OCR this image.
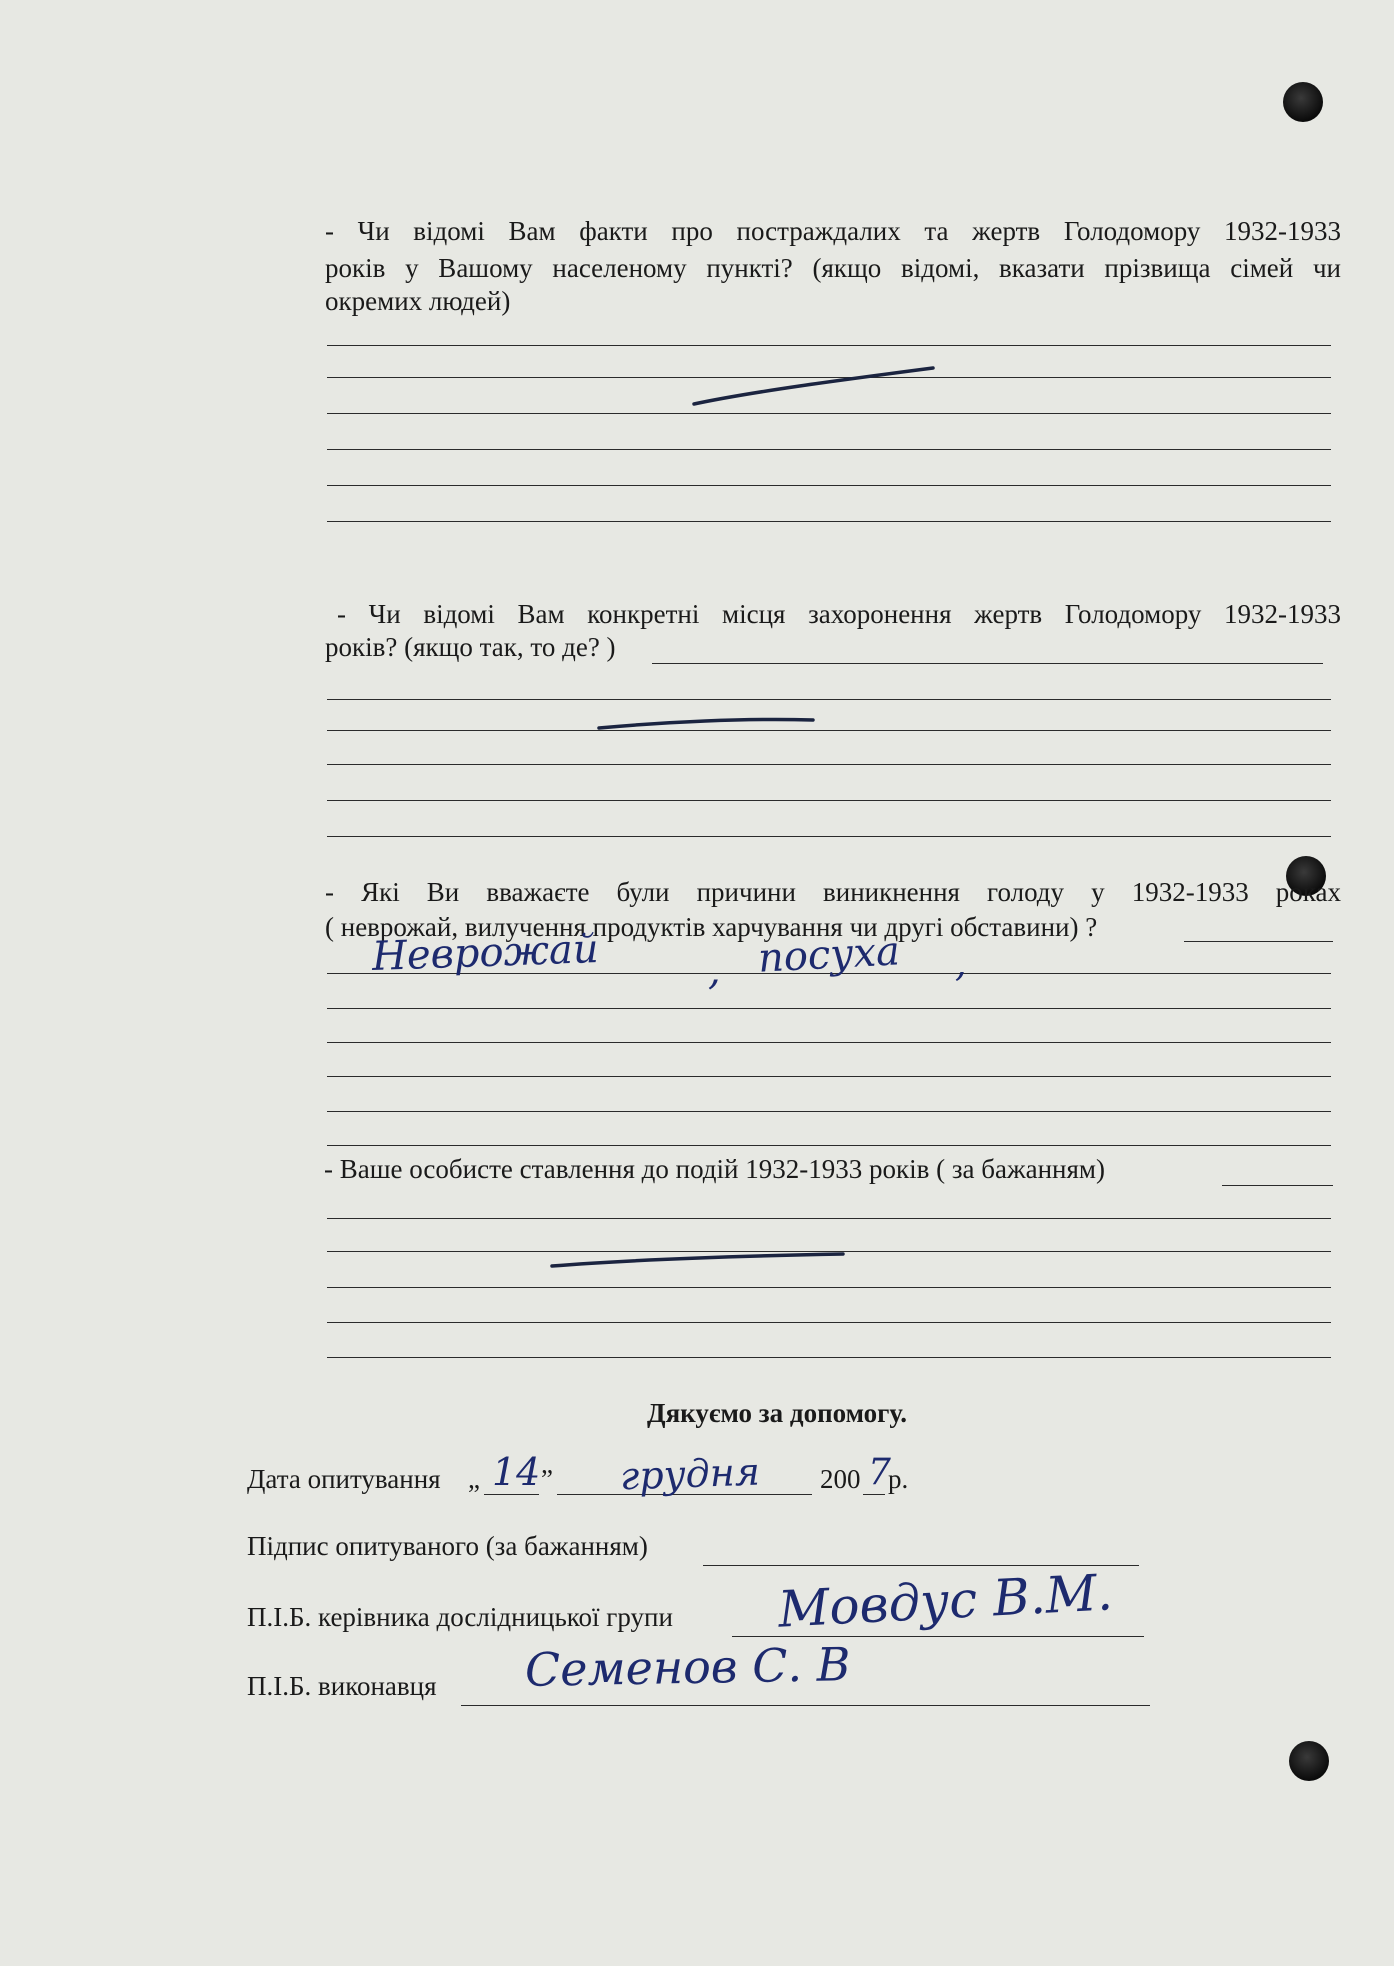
- Чи відомі Вам факти про постраждалих та жертв Голодомору 1932-1933
років у Вашому населеному пункті? (якщо відомі, вказати прізвища сімей чи
окремих людей)
- Чи відомі Вам конкретні місця захоронення жертв Голодомору 1932-1933
років? (якщо так, то де? )
- Які Ви вважаєте були причини виникнення голоду у 1932-1933 роках
( неврожай, вилучення продуктів харчування чи другі обставини) ?
Неврожай	, посуха ,
- Ваше особисте ставлення до подій 1932-1933 років ( за бажанням)
Дякуємо за допомогу.
Дата опитування „ 14 ” грудня 200 7
р.
Підпис опитуваного (за бажанням)
П.І.Б. керівника дослідницької групи Мовдус В.М.
П.І.Б. виконавця Семенов С. В
